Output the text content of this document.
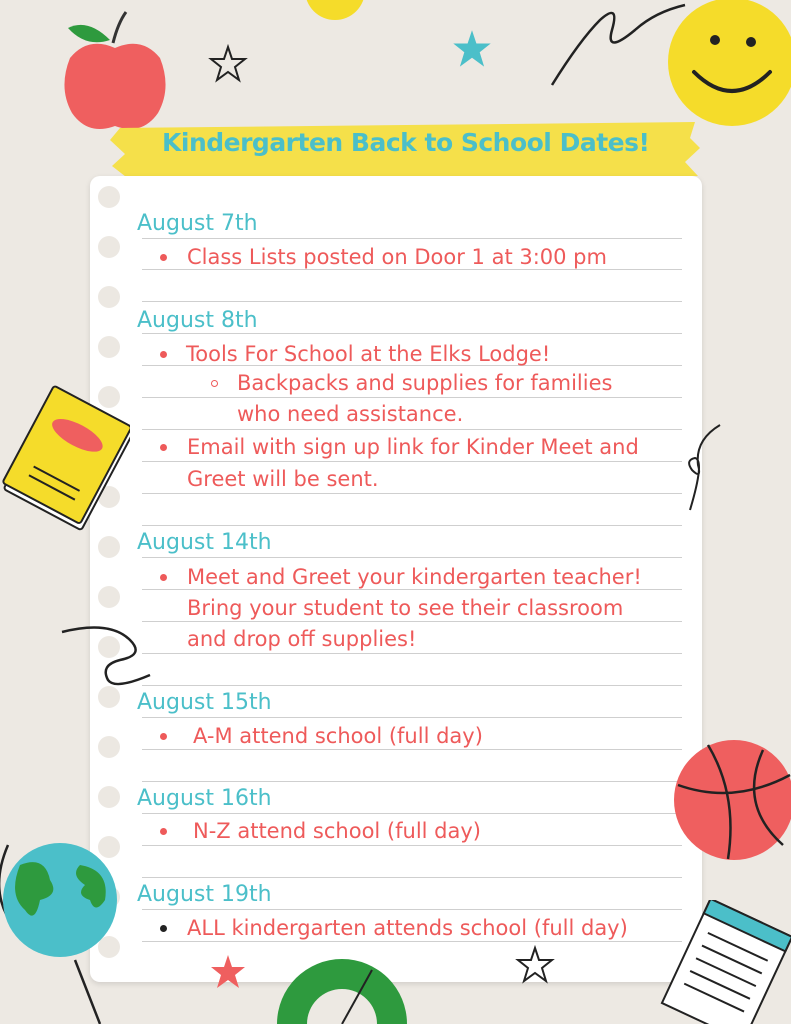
Kindergarten Back to School Dates!
August 7th
Class Lists posted on Door 1 at 3:00 pm
August 8th
Tools For School at the Elks Lodge!
Backpacks and supplies for families
who need assistance.
Email with sign up link for Kinder Meet and
Greet will be sent.
August 14th
Meet and Greet your kindergarten teacher!
Bring your student to see their classroom
and drop off supplies!
August 15th
A-M attend school (full day)
August 16th
N-Z attend school (full day)
August 19th
ALL kindergarten attends school (full day)
